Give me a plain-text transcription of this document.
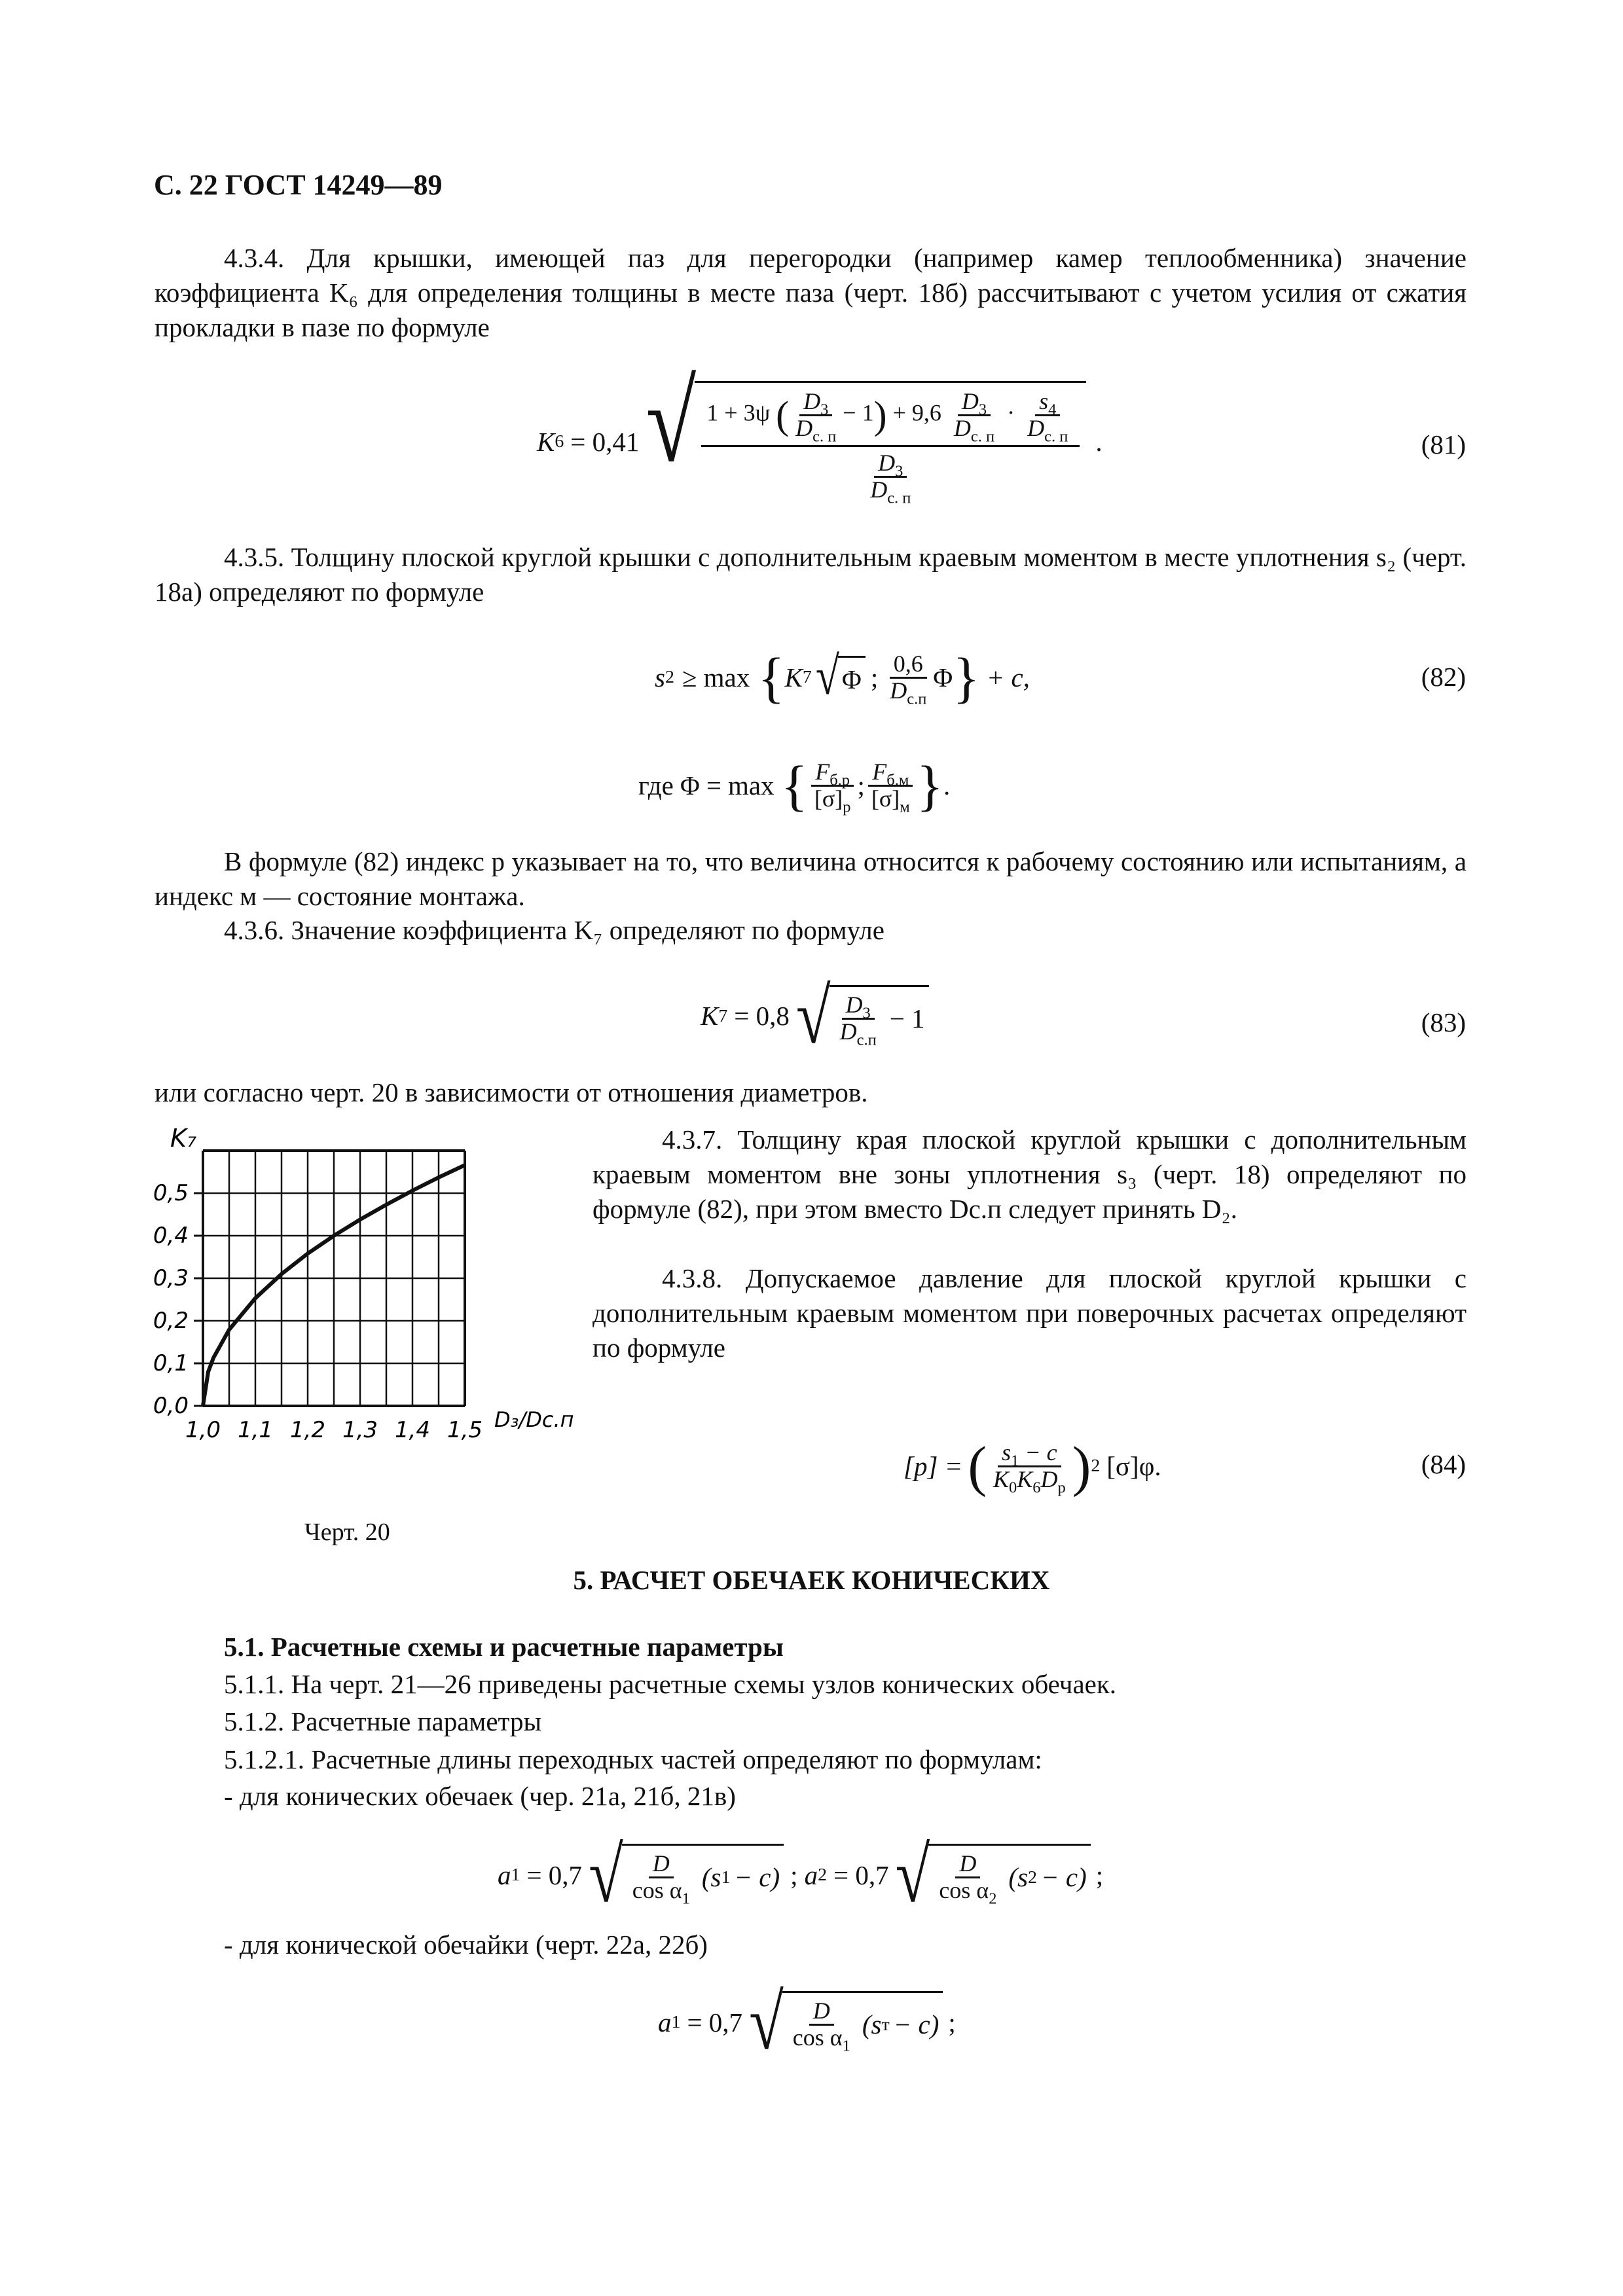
С. 22 ГОСТ 14249—89
4.3.4. Для крышки, имеющей паз для перегородки (например камер теплообменника) значение коэффициента K₆ для определения толщины в месте паза (черт. 18б) рассчитывают с учетом усилия от сжатия прокладки в пазе по формуле
K 6 = 0,41 √ 1 + 3ψ ( $\frac{D_3}{D_{с. п}} - 1) + 9,6 \frac{D_3}{D_{с. п}} \cdot \frac{s_4}{D_{с. п}}$
$\frac{D_3}{D_{с. п}}$
.	(81)
4.3.5. Толщину плоской круглой крышки с дополнительным краевым моментом в месте уплотнения s₂ (черт. 18а) определяют по формуле
s 2 ≥ max { K 7 √ Φ ; $\frac{0,6}{D_{с.п}}$ Φ } + c,	(82)
где Φ = max { $\frac{F_{б.р}}{[\sigma]_р}$ ; $\frac{F_{б.м}}{[\sigma]_м}$ } .
В формуле (82) индекс р указывает на то, что величина относится к рабочему состоянию или испытаниям, а индекс м — состояние монтажа.
4.3.6. Значение коэффициента K₇ определяют по формуле
K 7 = 0,8 √ $\frac{D_3}{D_{с.п}} - 1$	(83)
или согласно черт. 20 в зависимости от отношения диаметров.
0,0
0,1
0,2
0,3
0,4
0,5
1,0 1,1 1,2 1,3 1,4 1,5
K₇
D₃/Dс.п
Черт. 20
4.3.7. Толщину края плоской круглой крышки с дополнительным краевым моментом вне зоны уплотнения s₃ (черт. 18) определяют по формуле (82), при этом вместо Dс.п следует принять D₂.
4.3.8. Допускаемое давление для плоской круглой крышки с дополнительным краевым моментом при поверочных расчетах определяют по формуле
[p] = ( $\frac{s_1 - c}{K_0K_6D_р}$ ) 2 [σ]φ.	(84)
5. РАСЧЕТ ОБЕЧАЕК КОНИЧЕСКИХ
5.1. Расчетные схемы и расчетные параметры
5.1.1. На черт. 21—26 приведены расчетные схемы узлов конических обечаек.
5.1.2. Расчетные параметры
5.1.2.1. Расчетные длины переходных частей определяют по формулам:
- для конических обечаек (чер. 21а, 21б, 21в)
a 1 = 0,7 √ $\frac{D}{\cos \alpha_1} (s$ 1 − c) ; a 2 = 0,7 √ $\frac{D}{\cos \alpha_2} (s$ 2 − c) ;
- для конической обечайки (черт. 22а, 22б)
a 1 = 0,7 √ $\frac{D}{\cos \alpha_1} (s$ т − c) ;
